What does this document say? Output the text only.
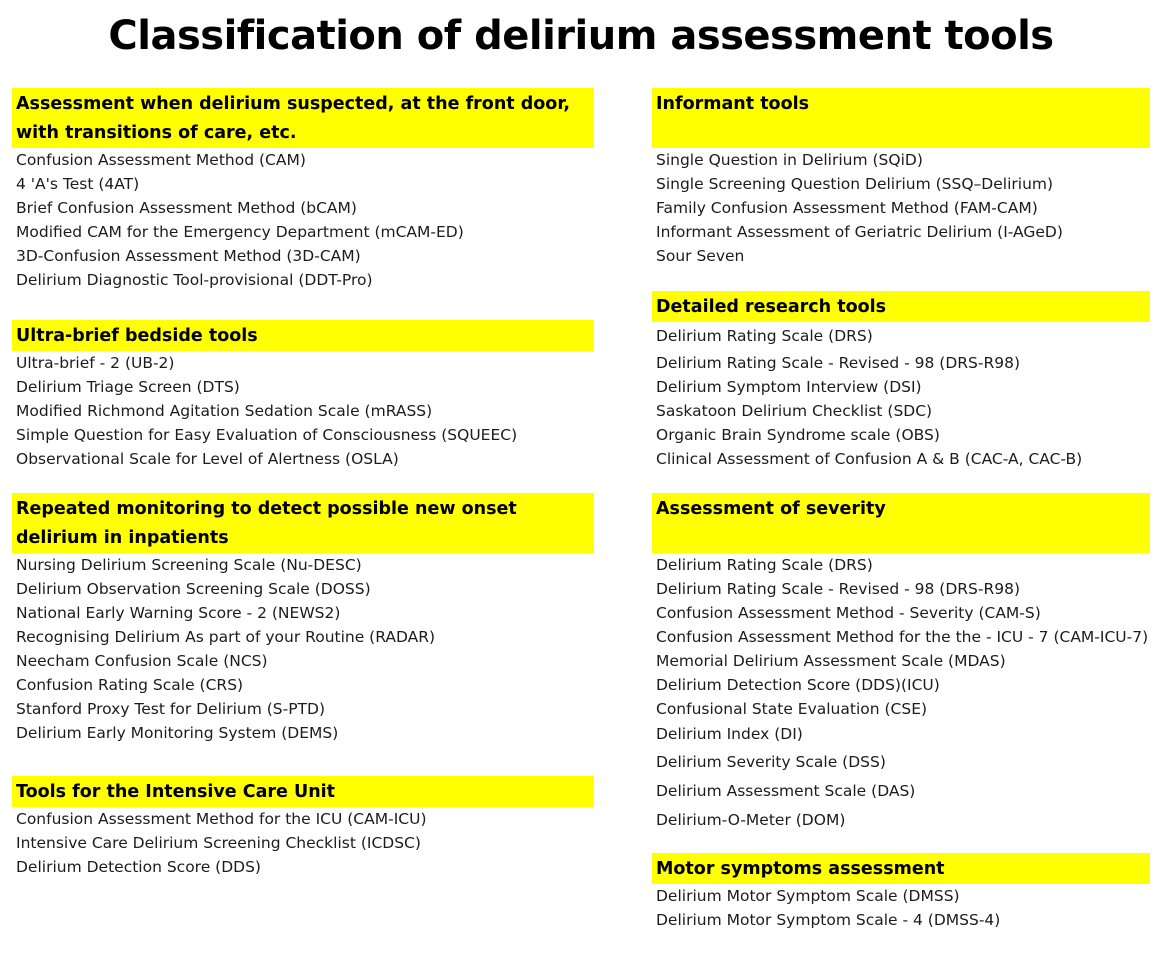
Classification of delirium assessment tools
Assessment when delirium suspected, at the front door, with transitions of care, etc.
Confusion Assessment Method (CAM)
4 'A's Test (4AT)
Brief Confusion Assessment Method (bCAM)
Modified CAM for the Emergency Department (mCAM-ED)
3D-Confusion Assessment Method (3D-CAM)
Delirium Diagnostic Tool-provisional (DDT-Pro)
Ultra-brief bedside tools
Ultra-brief - 2 (UB-2)
Delirium Triage Screen (DTS)
Modified Richmond Agitation Sedation Scale (mRASS)
Simple Question for Easy Evaluation of Consciousness (SQUEEC)
Observational Scale for Level of Alertness (OSLA)
Repeated monitoring to detect possible new onset delirium in inpatients
Nursing Delirium Screening Scale (Nu-DESC)
Delirium Observation Screening Scale (DOSS)
National Early Warning Score - 2 (NEWS2)
Recognising Delirium As part of your Routine (RADAR)
Neecham Confusion Scale (NCS)
Confusion Rating Scale (CRS)
Stanford Proxy Test for Delirium (S-PTD)
Delirium Early Monitoring System (DEMS)
Tools for the Intensive Care Unit
Confusion Assessment Method for the ICU (CAM-ICU)
Intensive Care Delirium Screening Checklist (ICDSC)
Delirium Detection Score (DDS)
Informant tools
Single Question in Delirium (SQiD)
Single Screening Question Delirium (SSQ–Delirium)
Family Confusion Assessment Method (FAM-CAM)
Informant Assessment of Geriatric Delirium (I-AGeD)
Sour Seven
Detailed research tools
Delirium Rating Scale (DRS)
Delirium Rating Scale - Revised - 98 (DRS-R98)
Delirium Symptom Interview (DSI)
Saskatoon Delirium Checklist (SDC)
Organic Brain Syndrome scale (OBS)
Clinical Assessment of Confusion A & B (CAC-A, CAC-B)
Assessment of severity
Delirium Rating Scale (DRS)
Delirium Rating Scale - Revised - 98 (DRS-R98)
Confusion Assessment Method - Severity (CAM-S)
Confusion Assessment Method for the the - ICU - 7 (CAM-ICU-7)
Memorial Delirium Assessment Scale (MDAS)
Delirium Detection Score (DDS)(ICU)
Confusional State Evaluation (CSE)
Delirium Index (DI)
Delirium Severity Scale (DSS)
Delirium Assessment Scale (DAS)
Delirium-O-Meter (DOM)
Motor symptoms assessment
Delirium Motor Symptom Scale (DMSS)
Delirium Motor Symptom Scale - 4 (DMSS-4)
